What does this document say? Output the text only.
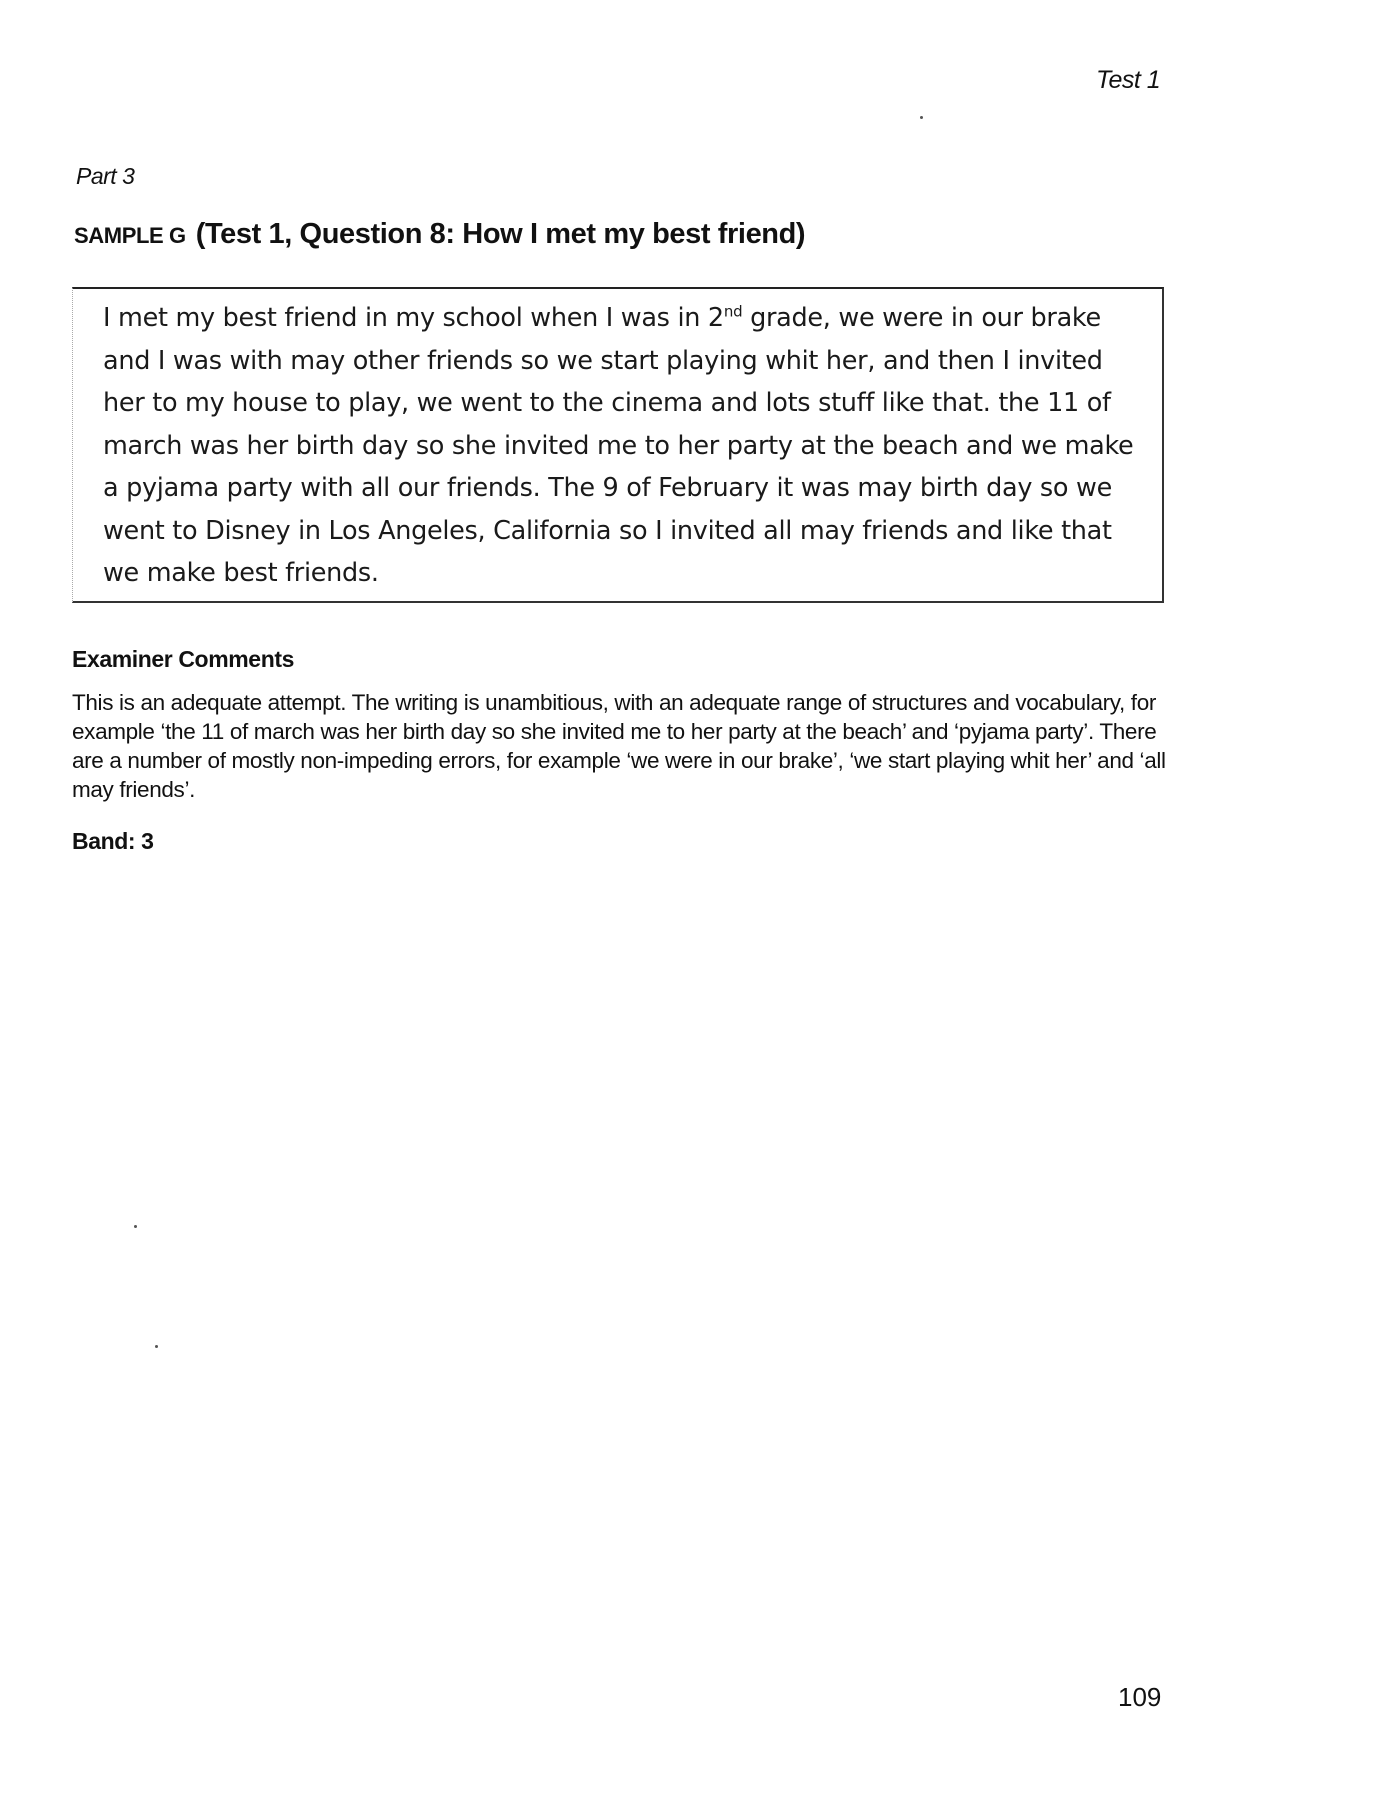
Test 1
Part 3
SAMPLE G (Test 1, Question 8: How I met my best friend)
I met my best friend in my school when I was in 2nd grade, we were in our brake and I was with may other friends so we start playing whit her, and then I invited her to my house to play, we went to the cinema and lots stuff like that. the 11 of march was her birth day so she invited me to her party at the beach and we make a pyjama party with all our friends. The 9 of February it was may birth day so we went to Disney in Los Angeles, California so I invited all may friends and like that we make best friends.
Examiner Comments
This is an adequate attempt. The writing is unambitious, with an adequate range of structures and vocabulary, for example ‘the 11 of march was her birth day so she invited me to her party at the beach’ and ‘pyjama party’. There are a number of mostly non-impeding errors, for example ‘we were in our brake’, ‘we start playing whit her’ and ‘all may friends’.
Band: 3
109
